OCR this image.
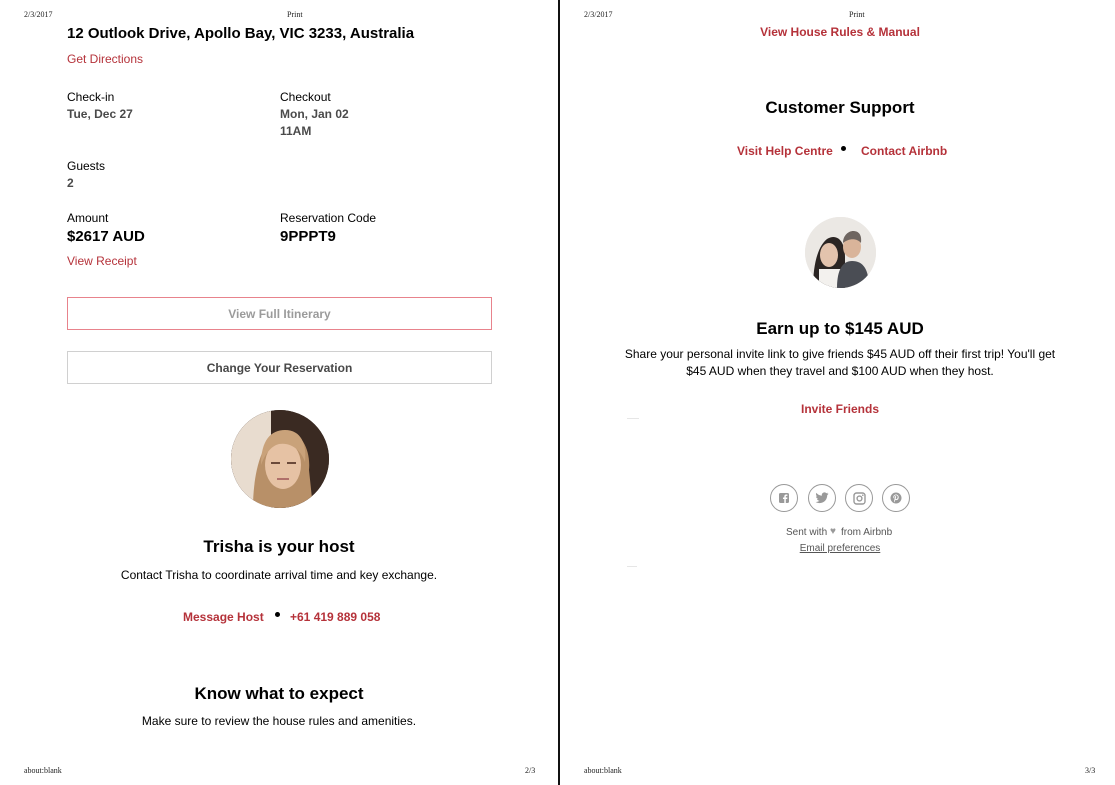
2/3/2017	Print
12 Outlook Drive, Apollo Bay, VIC 3233, Australia
Get Directions
Check-in
Tue, Dec 27
Checkout
Mon, Jan 02
11AM
Guests
2
Amount
$2617 AUD
Reservation Code
9PPPT9
View Receipt
View Full Itinerary
Change Your Reservation
Trisha is your host
Contact Trisha to coordinate arrival time and key exchange.
Message Host +61 419 889 058
Know what to expect
Make sure to review the house rules and amenities.
about:blank	2/3
2/3/2017	Print
View House Rules & Manual
Customer Support
Visit Help Centre Contact Airbnb
Earn up to $145 AUD
Share your personal invite link to give friends $45 AUD off their first trip! You'll get
$45 AUD when they travel and $100 AUD when they host.
Invite Friends
Sent with ♥ from Airbnb
Email preferences
about:blank	3/3
